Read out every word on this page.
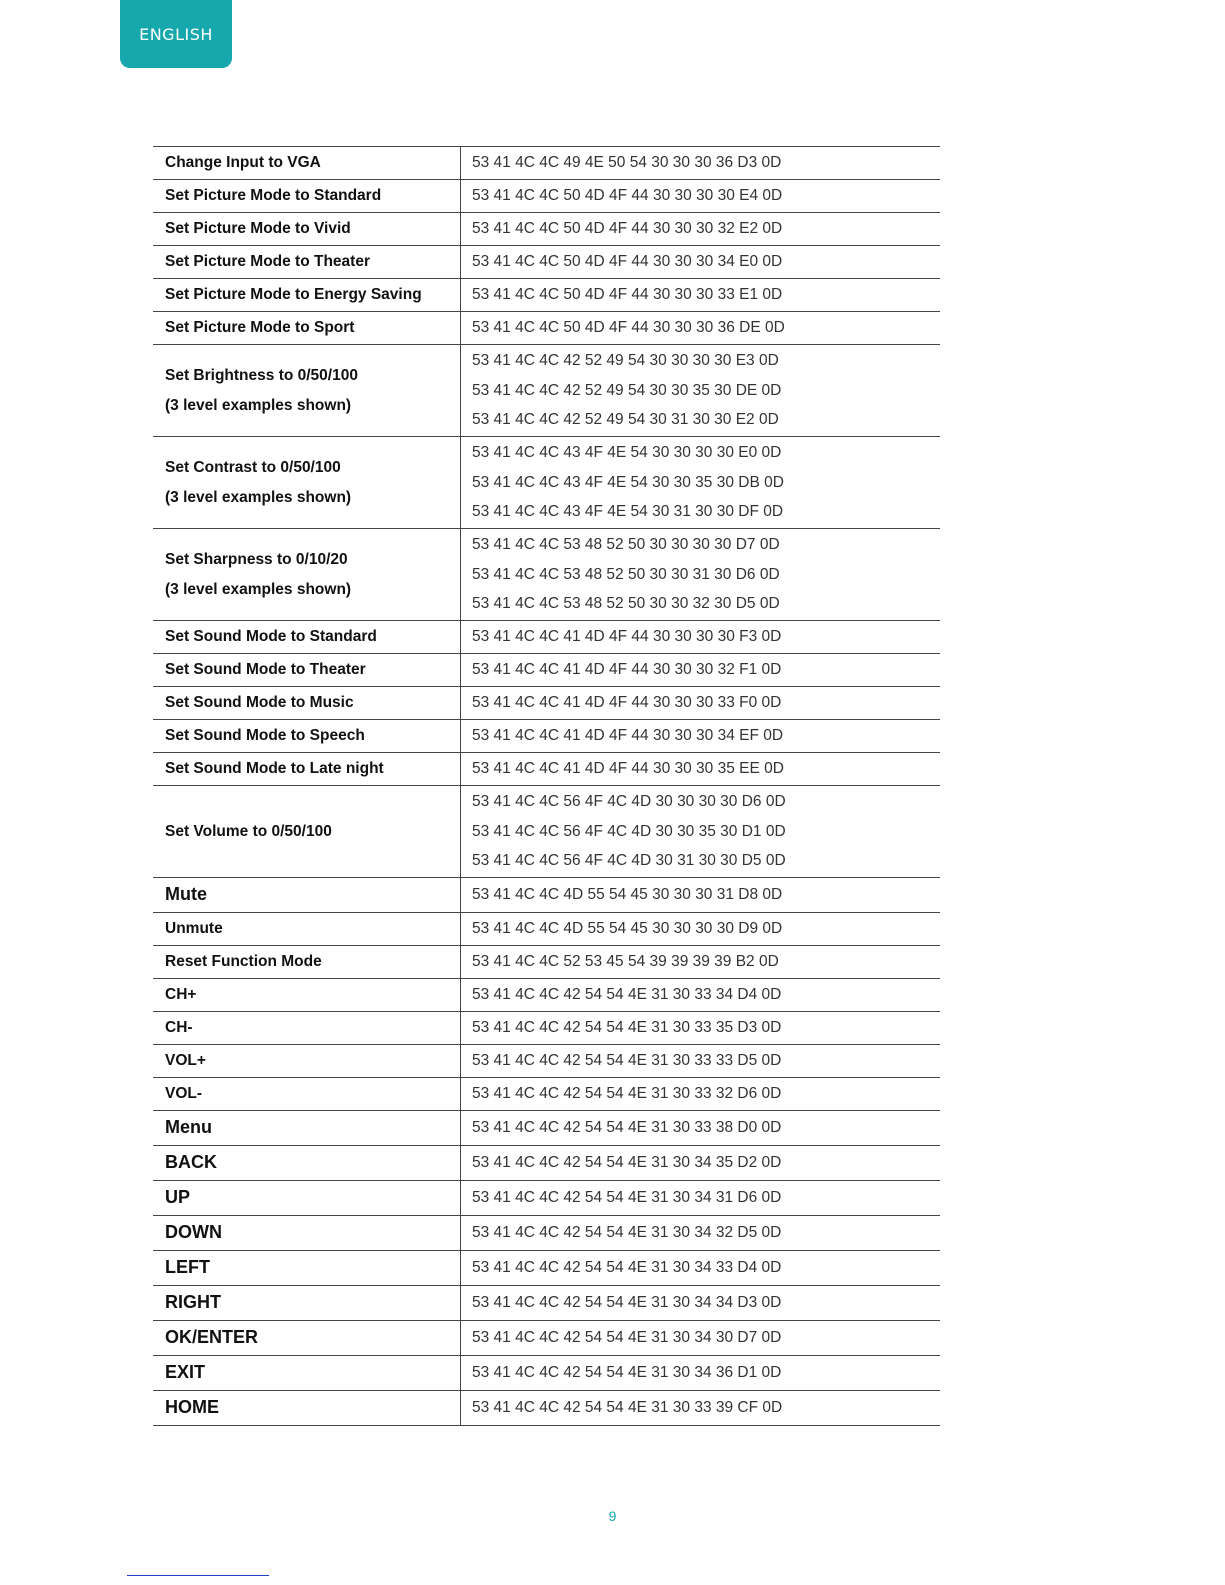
ENGLISH
Change Input to VGA	53 41 4C 4C 49 4E 50 54 30 30 30 36 D3 0D

Set Picture Mode to Standard	53 41 4C 4C 50 4D 4F 44 30 30 30 30 E4 0D

Set Picture Mode to Vivid	53 41 4C 4C 50 4D 4F 44 30 30 30 32 E2 0D

Set Picture Mode to Theater	53 41 4C 4C 50 4D 4F 44 30 30 30 34 E0 0D

Set Picture Mode to Energy Saving	53 41 4C 4C 50 4D 4F 44 30 30 30 33 E1 0D

Set Picture Mode to Sport	53 41 4C 4C 50 4D 4F 44 30 30 30 36 DE 0D

Set Brightness to 0/50/100
(3 level examples shown)	53 41 4C 4C 42 52 49 54 30 30 30 30 E3 0D
53 41 4C 4C 42 52 49 54 30 30 35 30 DE 0D
53 41 4C 4C 42 52 49 54 30 31 30 30 E2 0D

Set Contrast to 0/50/100
(3 level examples shown)	53 41 4C 4C 43 4F 4E 54 30 30 30 30 E0 0D
53 41 4C 4C 43 4F 4E 54 30 30 35 30 DB 0D
53 41 4C 4C 43 4F 4E 54 30 31 30 30 DF 0D

Set Sharpness to 0/10/20
(3 level examples shown)	53 41 4C 4C 53 48 52 50 30 30 30 30 D7 0D
53 41 4C 4C 53 48 52 50 30 30 31 30 D6 0D
53 41 4C 4C 53 48 52 50 30 30 32 30 D5 0D

Set Sound Mode to Standard	53 41 4C 4C 41 4D 4F 44 30 30 30 30 F3 0D

Set Sound Mode to Theater	53 41 4C 4C 41 4D 4F 44 30 30 30 32 F1 0D

Set Sound Mode to Music	53 41 4C 4C 41 4D 4F 44 30 30 30 33 F0 0D

Set Sound Mode to Speech	53 41 4C 4C 41 4D 4F 44 30 30 30 34 EF 0D

Set Sound Mode to Late night	53 41 4C 4C 41 4D 4F 44 30 30 30 35 EE 0D

Set Volume to 0/50/100	53 41 4C 4C 56 4F 4C 4D 30 30 30 30 D6 0D
53 41 4C 4C 56 4F 4C 4D 30 30 35 30 D1 0D
53 41 4C 4C 56 4F 4C 4D 30 31 30 30 D5 0D

Mute	53 41 4C 4C 4D 55 54 45 30 30 30 31 D8 0D

Unmute	53 41 4C 4C 4D 55 54 45 30 30 30 30 D9 0D

Reset Function Mode	53 41 4C 4C 52 53 45 54 39 39 39 39 B2 0D

CH+	53 41 4C 4C 42 54 54 4E 31 30 33 34 D4 0D

CH-	53 41 4C 4C 42 54 54 4E 31 30 33 35 D3 0D

VOL+	53 41 4C 4C 42 54 54 4E 31 30 33 33 D5 0D

VOL-	53 41 4C 4C 42 54 54 4E 31 30 33 32 D6 0D

Menu	53 41 4C 4C 42 54 54 4E 31 30 33 38 D0 0D

BACK	53 41 4C 4C 42 54 54 4E 31 30 34 35 D2 0D

UP	53 41 4C 4C 42 54 54 4E 31 30 34 31 D6 0D

DOWN	53 41 4C 4C 42 54 54 4E 31 30 34 32 D5 0D

LEFT	53 41 4C 4C 42 54 54 4E 31 30 34 33 D4 0D

RIGHT	53 41 4C 4C 42 54 54 4E 31 30 34 34 D3 0D

OK/ENTER	53 41 4C 4C 42 54 54 4E 31 30 34 30 D7 0D

EXIT	53 41 4C 4C 42 54 54 4E 31 30 34 36 D1 0D

HOME	53 41 4C 4C 42 54 54 4E 31 30 33 39 CF 0D
9
